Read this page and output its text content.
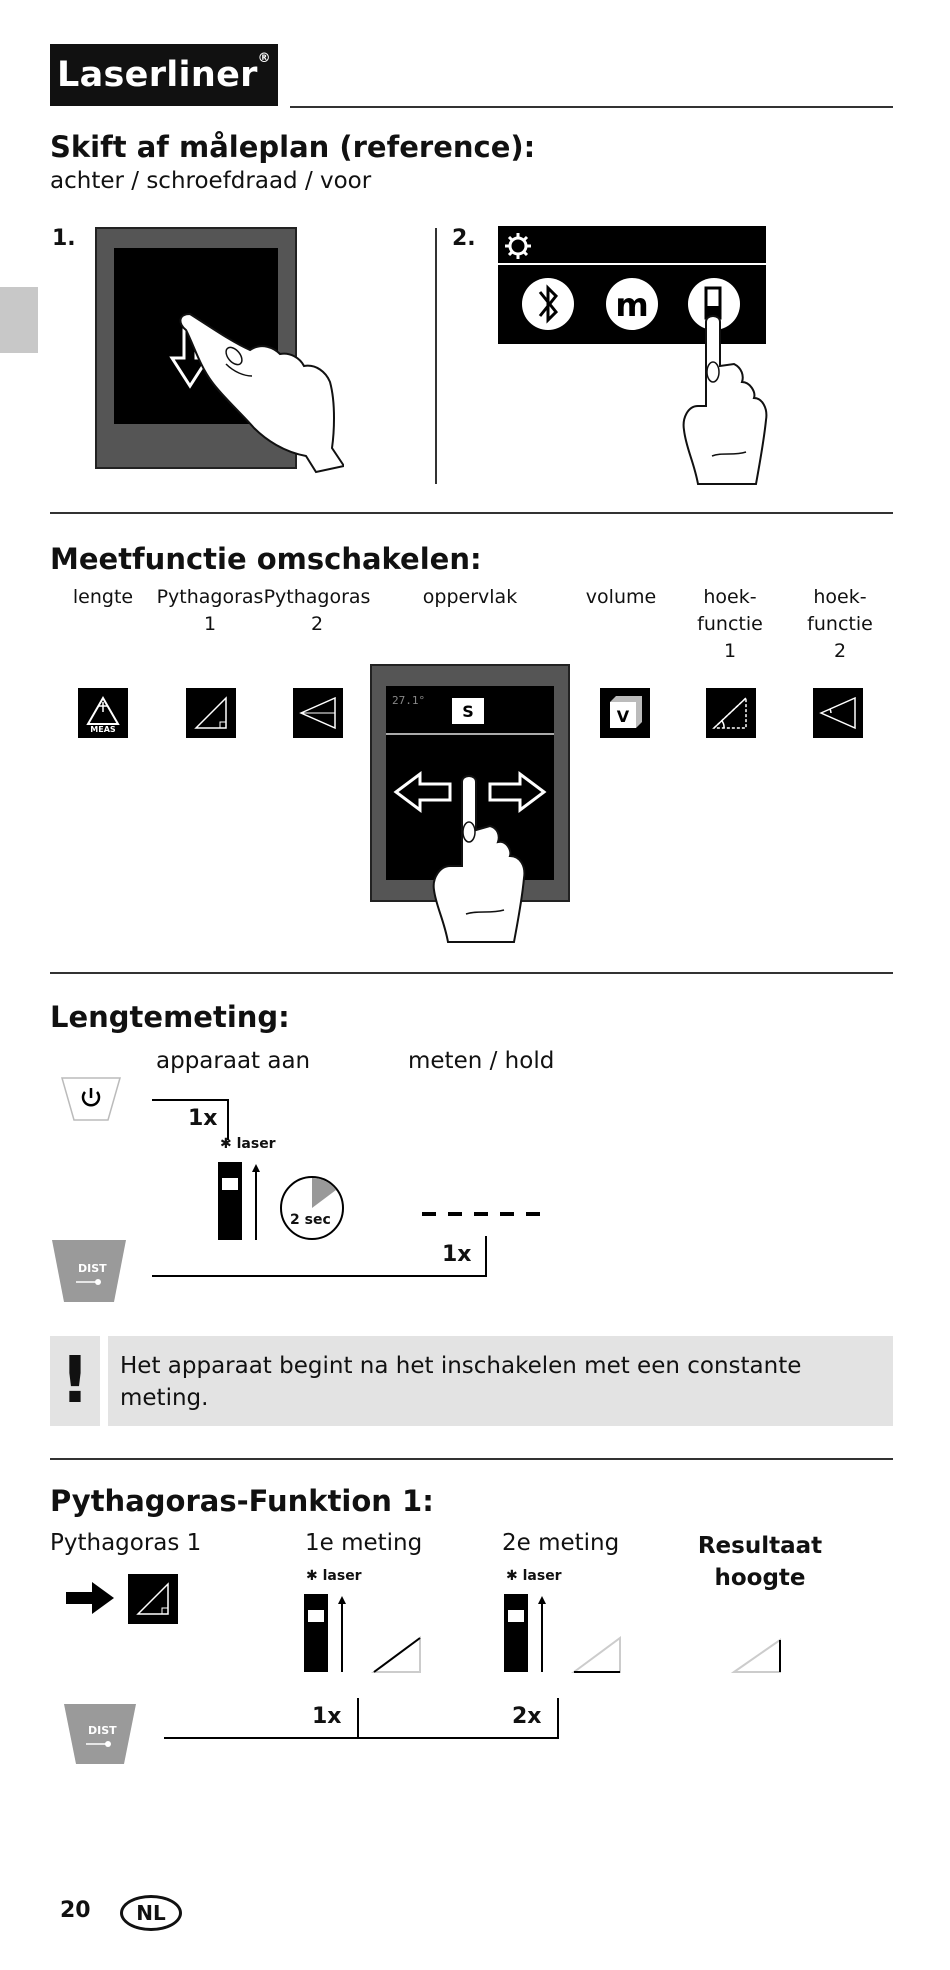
Laserliner®
Skift af måleplan (reference):
achter / schroefdraad / voor
1.	2.
m
Meetfunctie omschakelen:
lengte	Pythagoras
1
Pythagoras
2
oppervlak	volume	hoek-
functie
1
hoek-
functie
2
MEAS
V
27.1°
S
Lengtemeting:
apparaat aan	meten / hold
1x
✱ laser
2 sec
DIST
1x
!	Het apparaat begint na het inschakelen met een constante meting.
Pythagoras-Funktion 1:
Pythagoras 1	1e meting	2e meting	Resultaat
hoogte
✱ laser	✱ laser
DIST
1x	2x
20	NL
